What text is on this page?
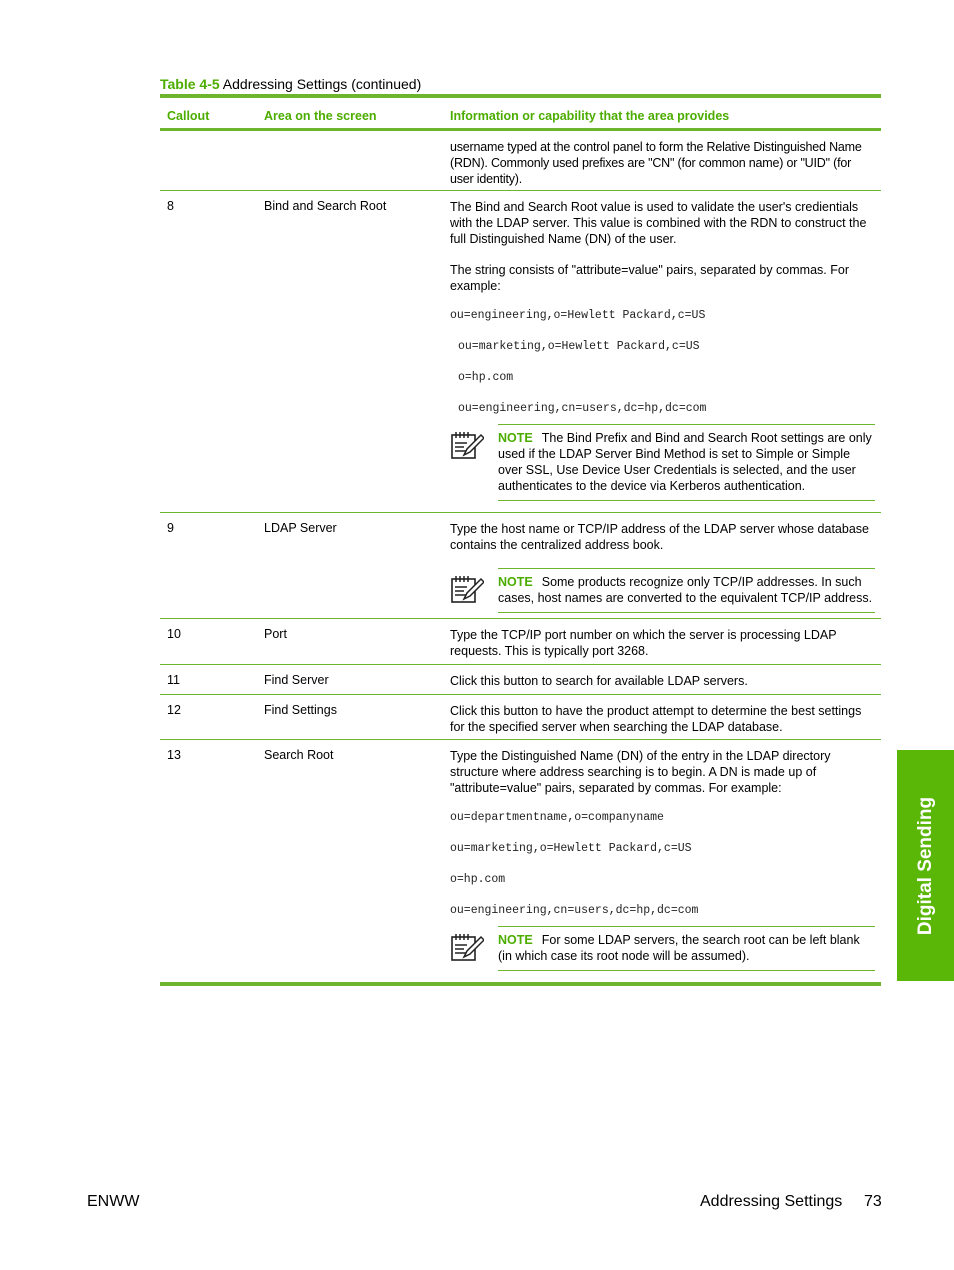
Table 4-5 Addressing Settings (continued)
Callout	Area on the screen	Information or capability that the area provides

username typed at the control panel to form the Relative Distinguished Name (RDN). Commonly used prefixes are "CN" (for common name) or "UID" (for user identity).

8	Bind and Search Root	The Bind and Search Root value is used to validate the user's credientials with the LDAP server. This value is combined with the RDN to construct the full Distinguished Name (DN) of the user.

The string consists of "attribute=value" pairs, separated by commas. For example:

ou=engineering,o=Hewlett Packard,c=US

ou=marketing,o=Hewlett Packard,c=US

o=hp.com

ou=engineering,cn=users,dc=hp,dc=com

NOTE The Bind Prefix and Bind and Search Root settings are only used if the LDAP Server Bind Method is set to Simple or Simple over SSL, Use Device User Credentials is selected, and the user authenticates to the device via Kerberos authentication.
9	LDAP Server	Type the host name or TCP/IP address of the LDAP server whose database contains the centralized address book.

NOTE Some products recognize only TCP/IP addresses. In such cases, host names are converted to the equivalent TCP/IP address.
10	Port	Type the TCP/IP port number on which the server is processing LDAP requests. This is typically port 3268.

11	Find Server	Click this button to search for available LDAP servers.

12	Find Settings	Click this button to have the product attempt to determine the best settings for the specified server when searching the LDAP database.

13	Search Root	Type the Distinguished Name (DN) of the entry in the LDAP directory structure where address searching is to begin. A DN is made up of "attribute=value" pairs, separated by commas. For example:

ou=departmentname,o=companyname

ou=marketing,o=Hewlett Packard,c=US

o=hp.com

ou=engineering,cn=users,dc=hp,dc=com

NOTE For some LDAP servers, the search root can be left blank (in which case its root node will be assumed).
Digital Sending
ENWW	Addressing Settings 73
